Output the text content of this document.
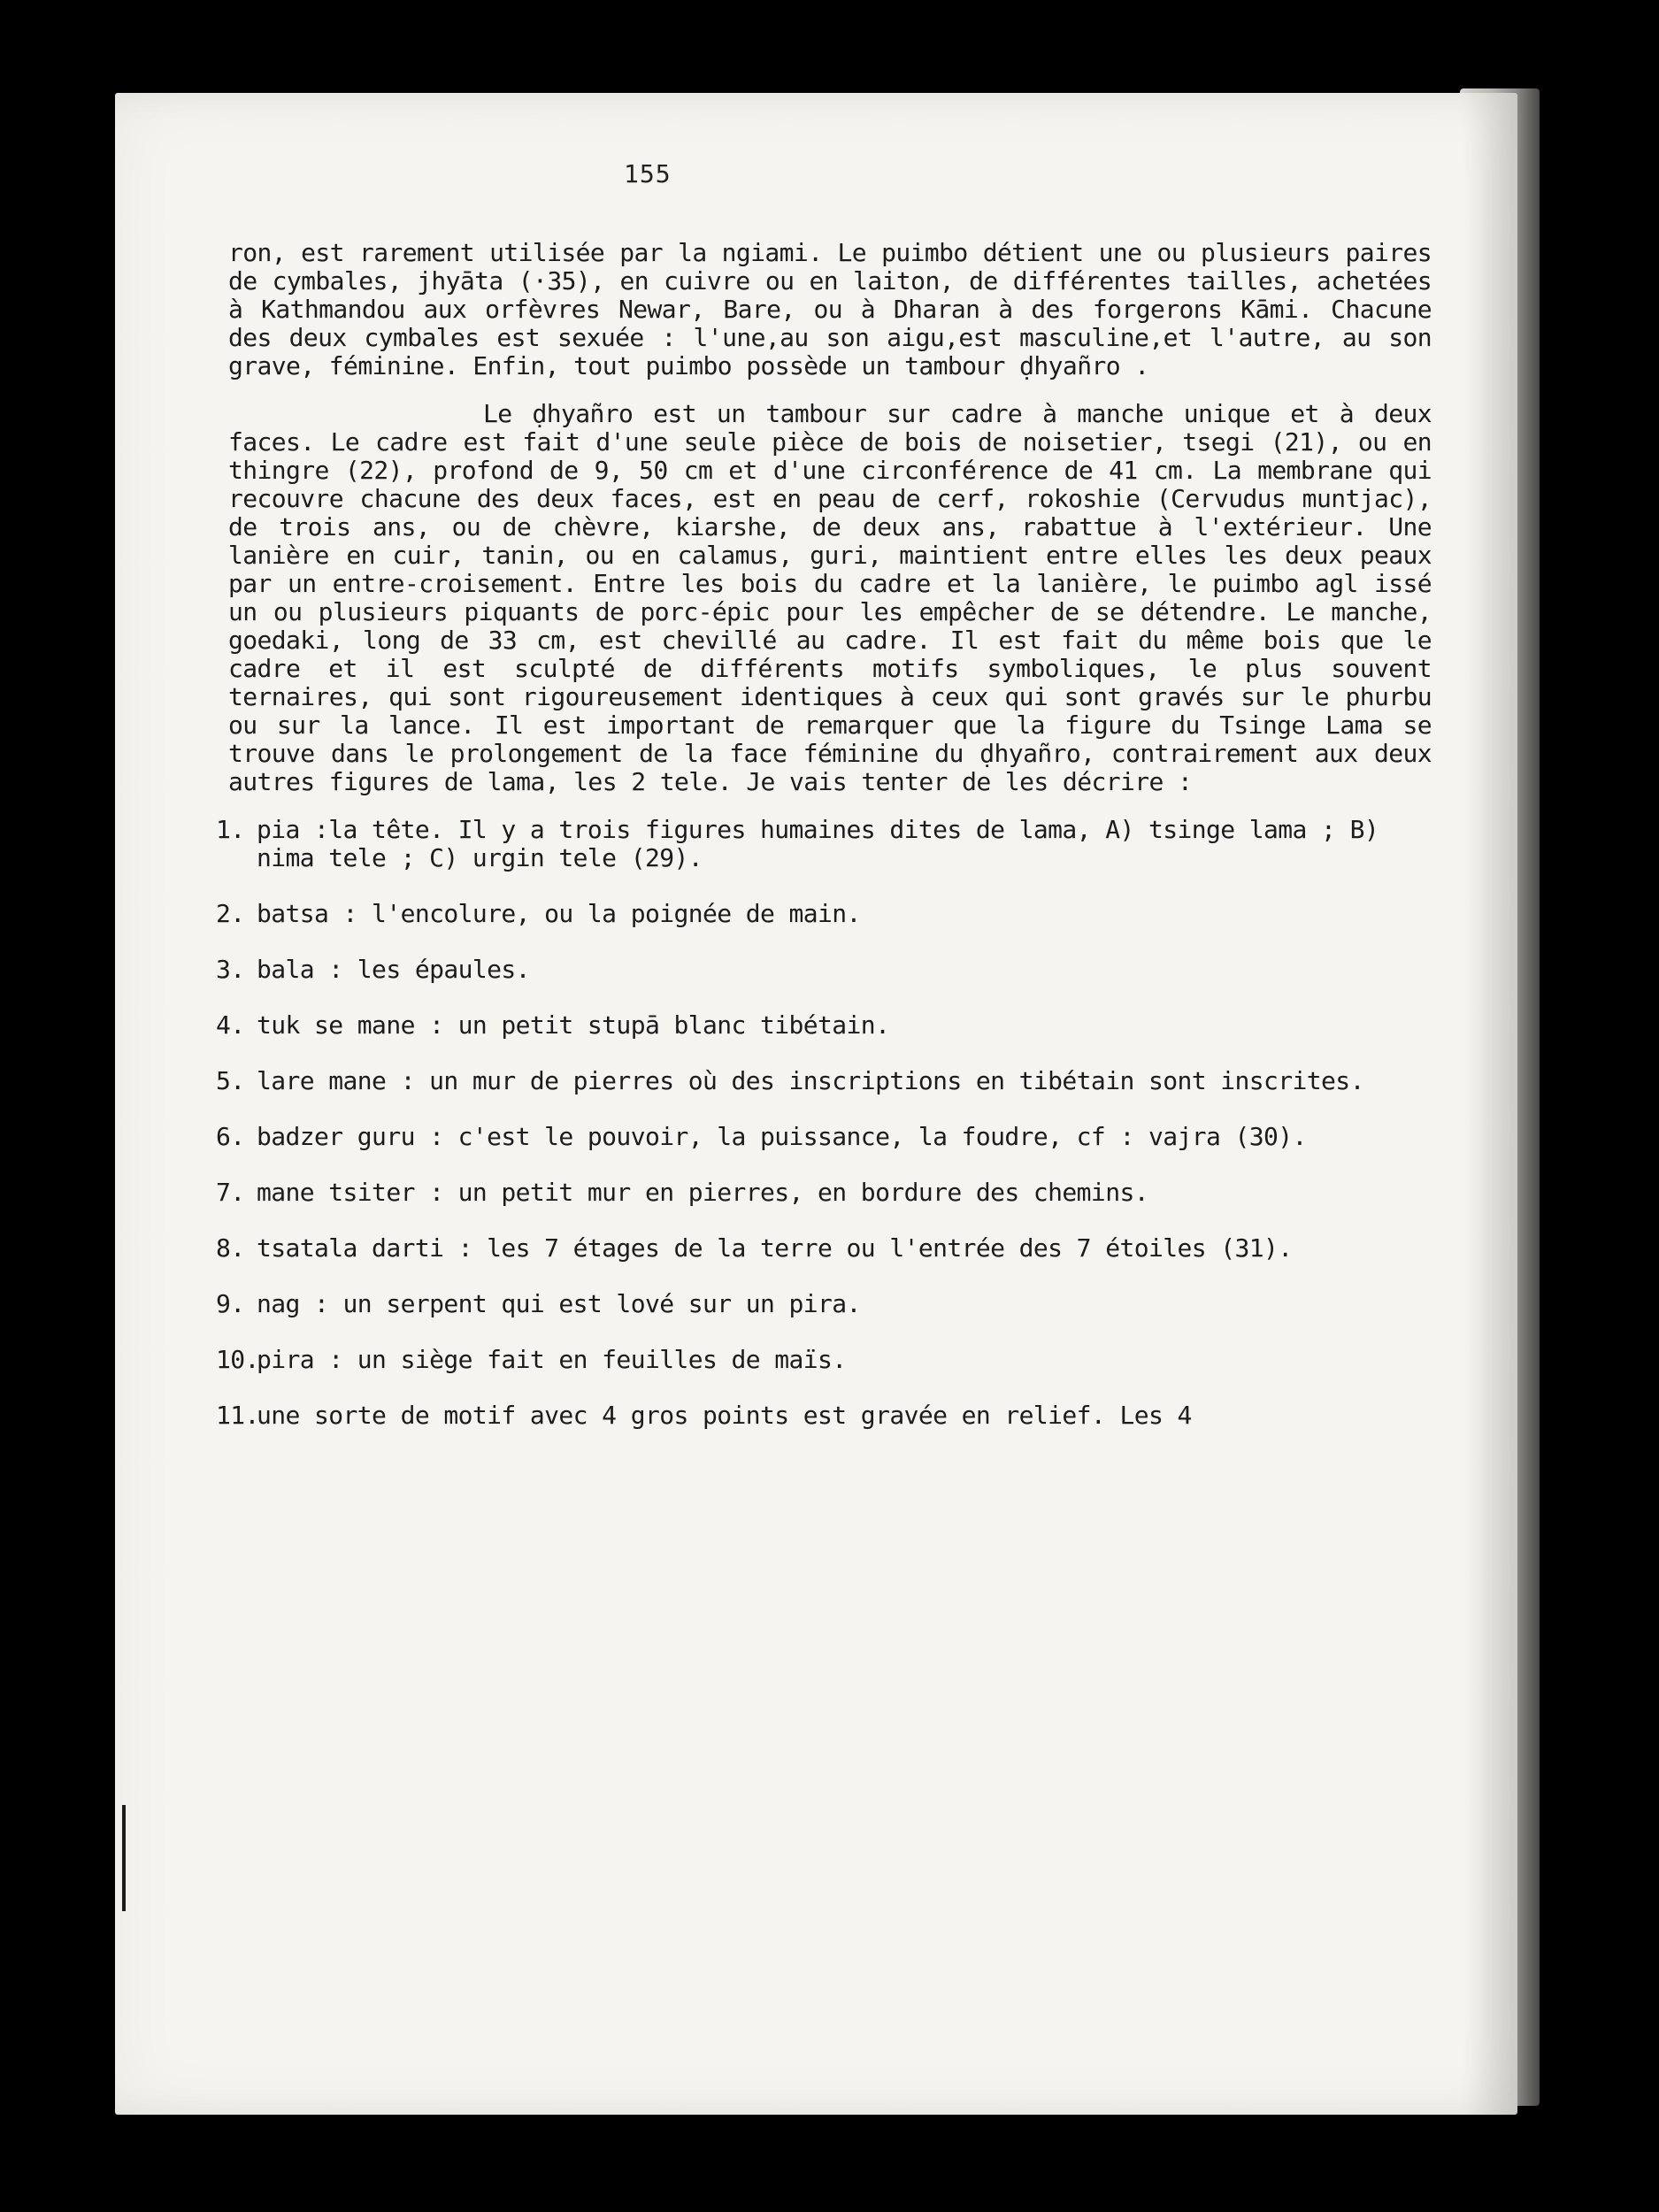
155

ron, est rarement utilisée par la ngiami. Le puimbo détient une ou plusieurs paires de cymbales, jhyāta (·35), en cuivre ou en laiton, de différentes tailles, achetées à Kathmandou aux orfèvres Newar, Bare, ou à Dharan à des forgerons Kāmi. Chacune des deux cymbales est sexuée : l'une,au son aigu,est masculine,et l'autre, au son grave, féminine. Enfin, tout puimbo possède un tambour ḍhyañro .

Le ḍhyañro est un tambour sur cadre à manche unique et à deux faces. Le cadre est fait d'une seule pièce de bois de noisetier, tsegi (21), ou en thingre (22), profond de 9, 50 cm et d'une circonférence de 41 cm. La membrane qui recouvre chacune des deux faces, est en peau de cerf, rokoshie (Cervudus muntjac), de trois ans, ou de chèvre, kiarshe, de deux ans, rabattue à l'extérieur. Une lanière en cuir, tanin, ou en calamus, guri, maintient entre elles les deux peaux par un entre-croisement. Entre les bois du cadre et la lanière, le puimbo agl issé un ou plusieurs piquants de porc-épic pour les empêcher de se détendre. Le manche, goedaki, long de 33 cm, est chevillé au cadre. Il est fait du même bois que le cadre et il est sculpté de différents motifs symboliques, le plus souvent ternaires, qui sont rigoureusement identiques à ceux qui sont gravés sur le phurbu ou sur la lance. Il est important de remarquer que la figure du Tsinge Lama se trouve dans le prolongement de la face féminine du ḍhyañro, contrairement aux deux autres figures de lama, les 2 tele. Je vais tenter de les décrire :

1. pia :la tête. Il y a trois figures humaines dites de lama, A) tsinge lama ; B) nima tele ; C) urgin tele (29).
2. batsa : l'encolure, ou la poignée de main.
3. bala : les épaules.
4. tuk se mane : un petit stupā blanc tibétain.
5. lare mane : un mur de pierres où des inscriptions en tibétain sont inscrites.
6. badzer guru : c'est le pouvoir, la puissance, la foudre, cf : vajra (30).
7. mane tsiter : un petit mur en pierres, en bordure des chemins.
8. tsatala darti : les 7 étages de la terre ou l'entrée des 7 étoiles (31).
9. nag : un serpent qui est lové sur un pira.
10.
pira : un siège fait en feuilles de maïs.
11.
une sorte de motif avec 4 gros points est gravée en relief. Les 4
